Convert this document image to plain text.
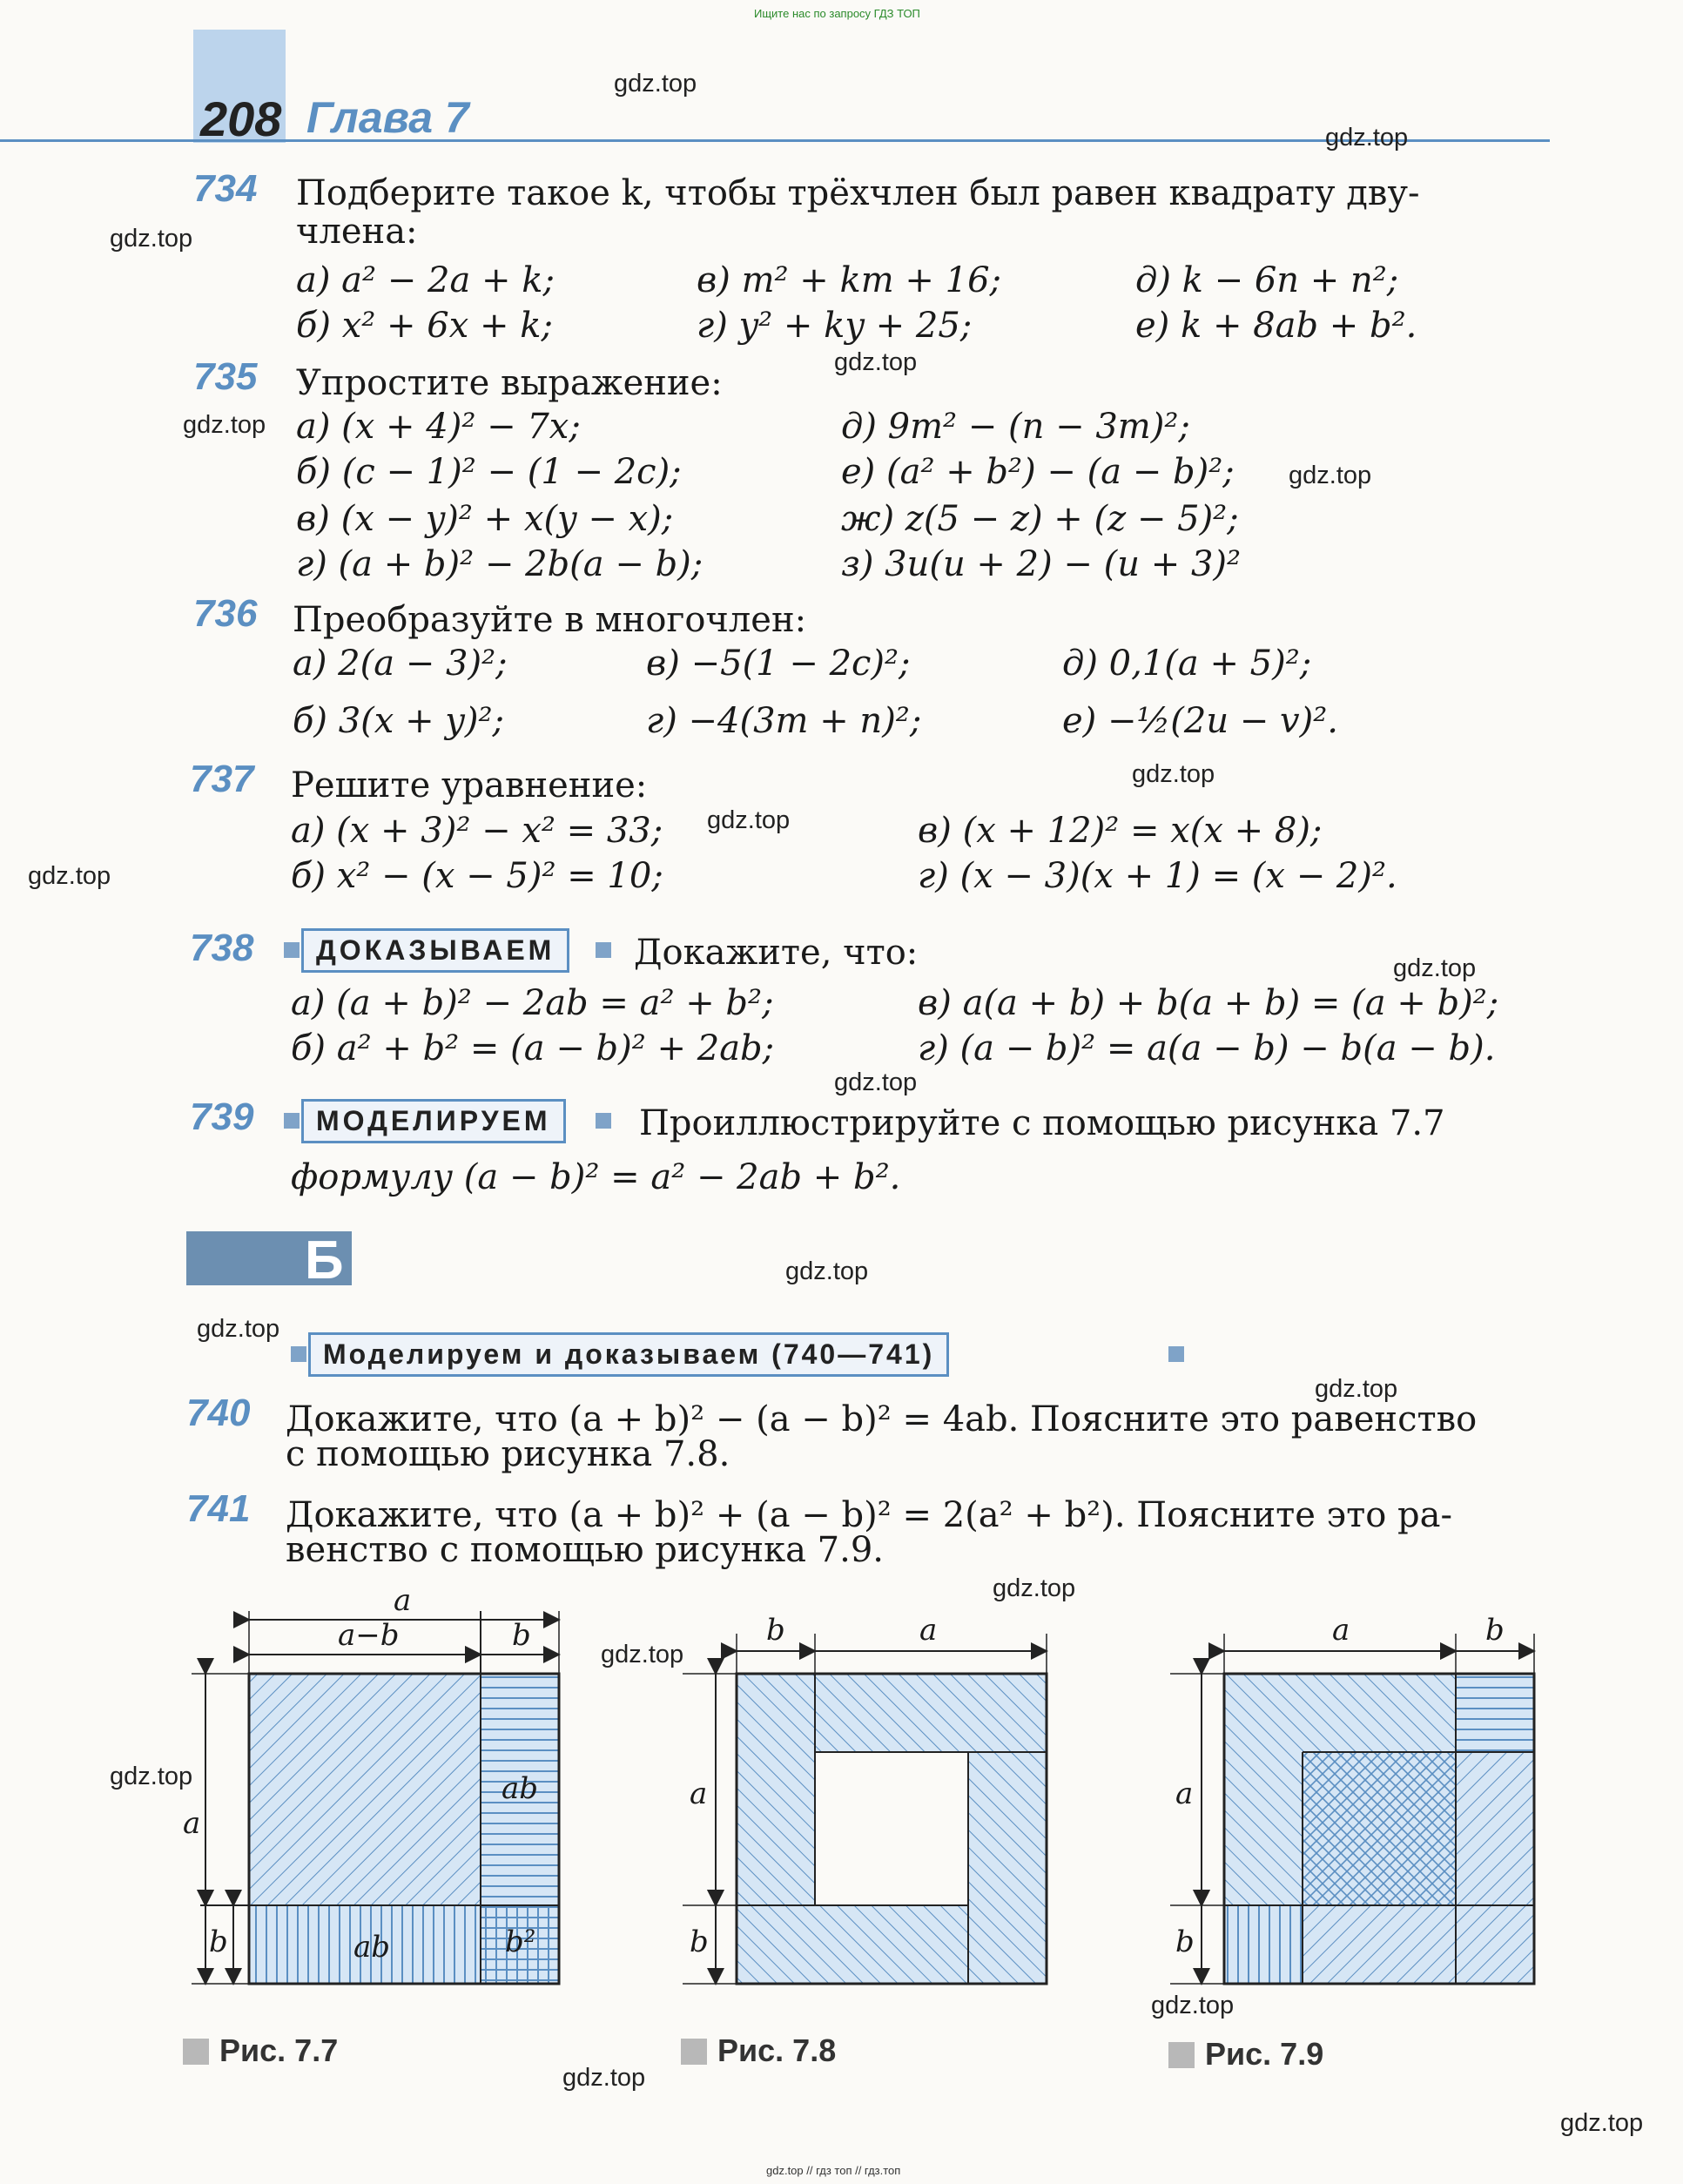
Ищите нас по запросу ГДЗ ТОП
gdz.top // гдз топ // гдз.топ
208 Глава 7
gdz.top
gdz.top
gdz.top
gdz.top
gdz.top
gdz.top
gdz.top
gdz.top
gdz.top
gdz.top
gdz.top
gdz.top
gdz.top
gdz.top
gdz.top
gdz.top
gdz.top
gdz.top
gdz.top
gdz.top
734 Подберите такое k, чтобы трёхчлен был равен квадрату дву-
члена:
а) a² − 2a + k;	в) m² + km + 16;	д) k − 6n + n²;
б) x² + 6x + k;	г) y² + ky + 25;	е) k + 8ab + b².
735 Упростите выражение:
а) (x + 4)² − 7x;	д) 9m² − (n − 3m)²;
б) (c − 1)² − (1 − 2c);	е) (a² + b²) − (a − b)²;
в) (x − y)² + x(y − x);	ж) z(5 − z) + (z − 5)²;
г) (a + b)² − 2b(a − b);	з) 3u(u + 2) − (u + 3)²
736 Преобразуйте в многочлен:
а) 2(a − 3)²;	в) −5(1 − 2c)²;	д) 0,1(a + 5)²;
б) 3(x + y)²;	г) −4(3m + n)²;	е) −½(2u − v)².
737 Решите уравнение:
а) (x + 3)² − x² = 33;	в) (x + 12)² = x(x + 8);
б) x² − (x − 5)² = 10;	г) (x − 3)(x + 1) = (x − 2)².
738	ДОКАЗЫВАЕМ	Докажите, что:
а) (a + b)² − 2ab = a² + b²;	в) a(a + b) + b(a + b) = (a + b)²;
б) a² + b² = (a − b)² + 2ab;	г) (a − b)² = a(a − b) − b(a − b).
739	МОДЕЛИРУЕМ	Проиллюстрируйте с помощью рисунка 7.7
формулу (a − b)² = a² − 2ab + b².
Б
Моделируем и доказываем (740—741)
740 Докажите, что (a + b)² − (a − b)² = 4ab. Поясните это равенство
с помощью рисунка 7.8.
741 Докажите, что (a + b)² + (a − b)² = 2(a² + b²). Поясните это ра-
венство с помощью рисунка 7.9.
a
a−b	b
a
b
ab
ab	b²
Рис. 7.7
b	a
a
b
Рис. 7.8
a	b
a
b
Рис. 7.9
